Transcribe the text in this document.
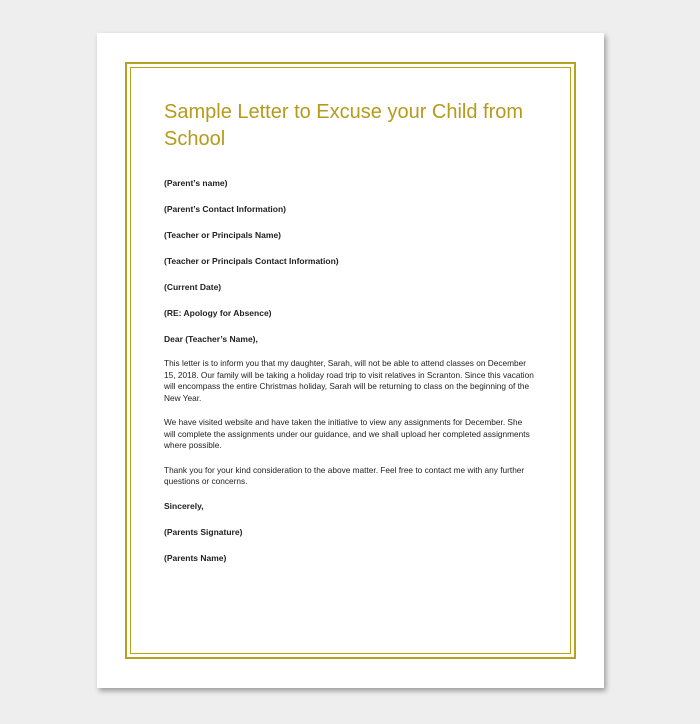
Sample Letter to Excuse your Child from School
(Parent’s name)
(Parent’s Contact Information)
(Teacher or Principals Name)
(Teacher or Principals Contact Information)
(Current Date)
(RE: Apology for Absence)
Dear (Teacher’s Name),

This letter is to inform you that my daughter, Sarah, will not be able to attend classes on December 15, 2018. Our family will be taking a holiday road trip to visit relatives in Scranton. Since this vacation will encompass the entire Christmas holiday, Sarah will be returning to class on the beginning of the New Year.

We have visited website and have taken the initiative to view any assignments for December. She will complete the assignments under our guidance, and we shall upload her completed assignments where possible.

Thank you for your kind consideration to the above matter. Feel free to contact me with any further questions or concerns.

Sincerely,
(Parents Signature)
(Parents Name)
